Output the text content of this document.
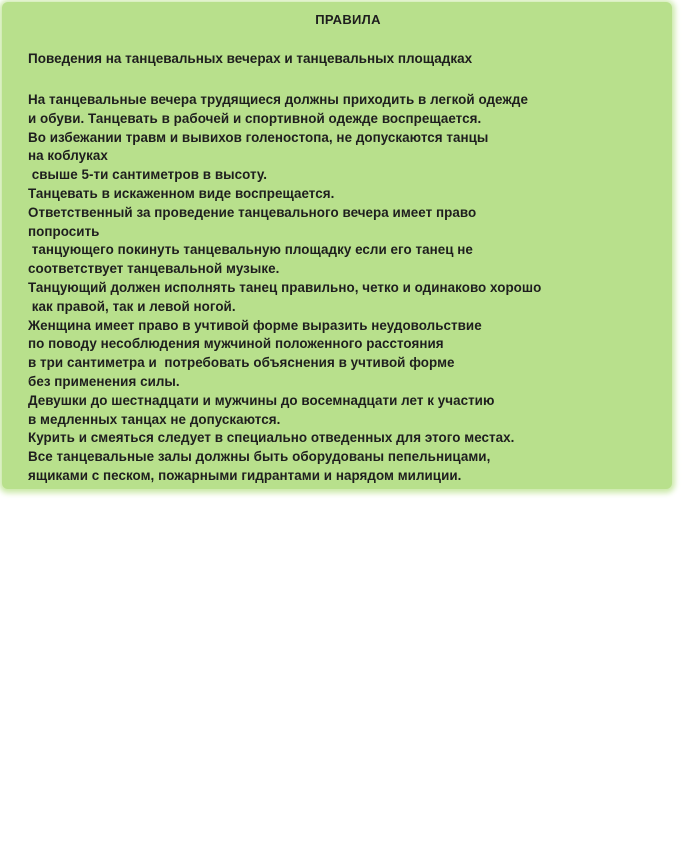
ПРАВИЛА
Поведения на танцевальных вечерах и танцевальных площадках
На танцевальные вечера трудящиеся должны приходить в легкой одежде
и обуви. Танцевать в рабочей и спортивной одежде воспрещается.
Во избежании травм и вывихов голеностопа, не допускаются танцы
на коблуках
свыше 5-ти сантиметров в высоту.
Танцевать в искаженном виде воспрещается.
Ответственный за проведение танцевального вечера имеет право
попросить
танцующего покинуть танцевальную площадку если его танец не
соответствует танцевальной музыке.
Танцующий должен исполнять танец правильно, четко и одинаково хорошо
как правой, так и левой ногой.
Женщина имеет право в учтивой форме выразить неудовольствие
по поводу несоблюдения мужчиной положенного расстояния
в три сантиметра и  потребовать объяснения в учтивой форме
без применения силы.
Девушки до шестнадцати и мужчины до восемнадцати лет к участию
в медленных танцах не допускаются.
Курить и смеяться следует в специально отведенных для этого местах.
Все танцевальные залы должны быть оборудованы пепельницами,
ящиками с песком, пожарными гидрантами и нарядом милиции.
